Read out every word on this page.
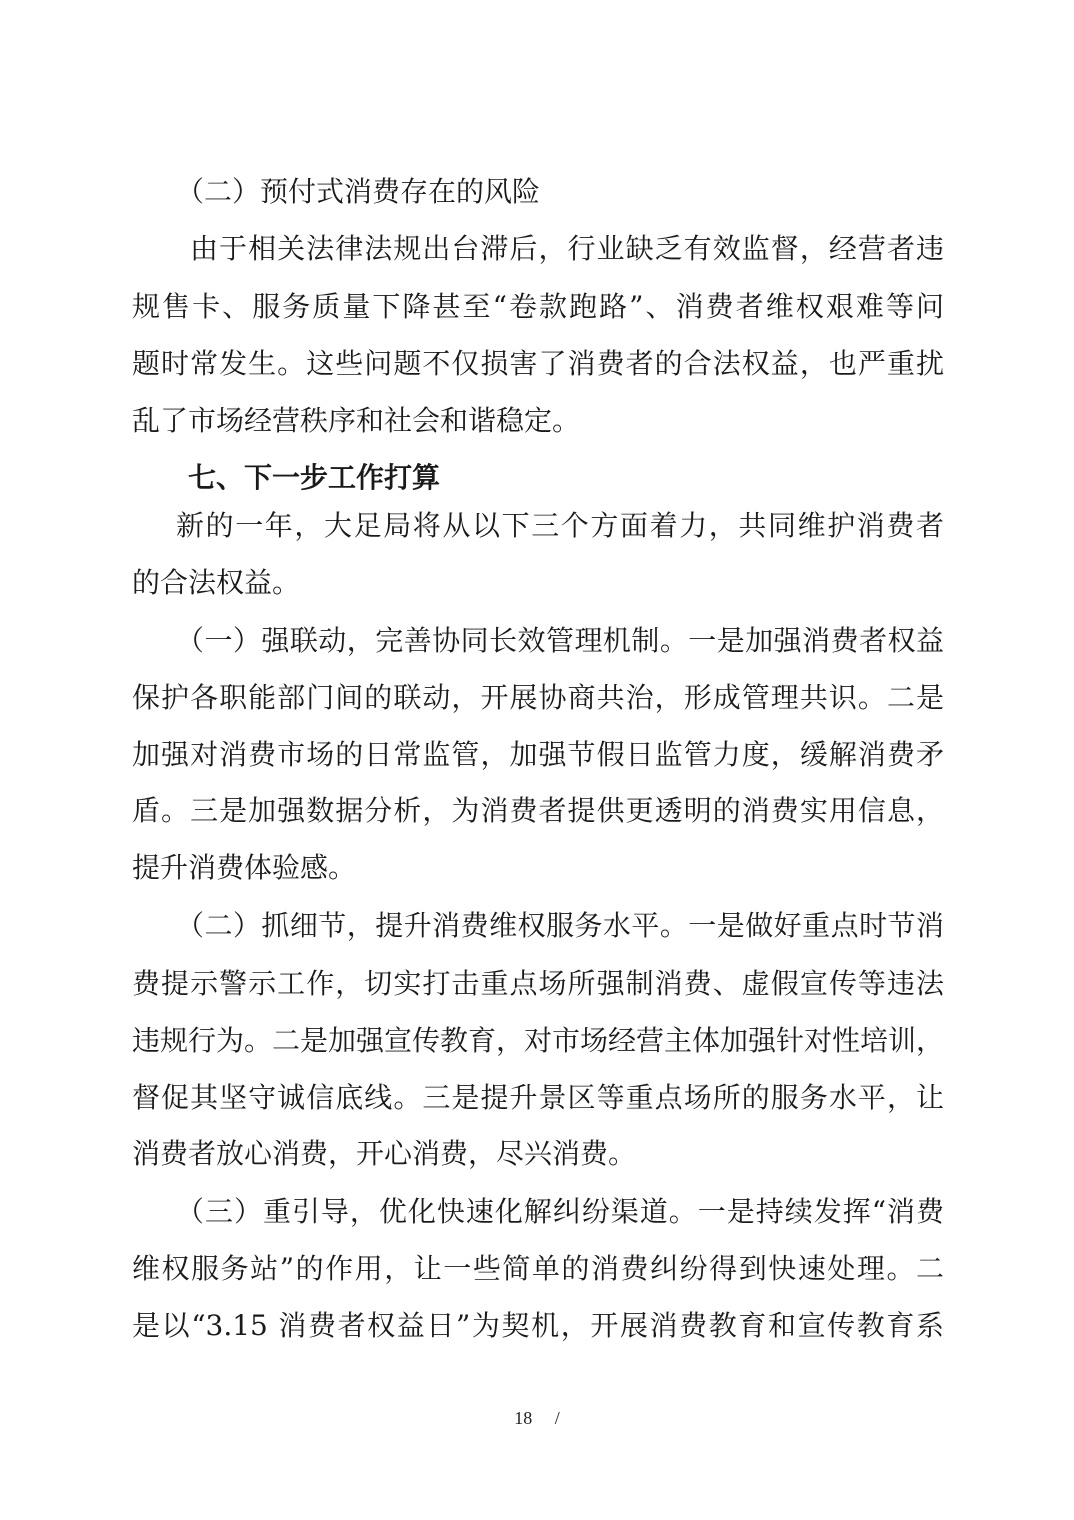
（二）预付式消费存在的风险
由于相关法律法规出台滞后，行业缺乏有效监督，经营者违
规售卡、服务质量下降甚至“卷款跑路”、消费者维权艰难等问
题时常发生。这些问题不仅损害了消费者的合法权益，也严重扰
乱了市场经营秩序和社会和谐稳定。
七、下一步工作打算
新的一年，大足局将从以下三个方面着力，共同维护消费者
的合法权益。
（一）强联动，完善协同长效管理机制。一是加强消费者权益
保护各职能部门间的联动，开展协商共治，形成管理共识。二是
加强对消费市场的日常监管，加强节假日监管力度，缓解消费矛
盾。三是加强数据分析，为消费者提供更透明的消费实用信息，
提升消费体验感。
（二）抓细节，提升消费维权服务水平。一是做好重点时节消
费提示警示工作，切实打击重点场所强制消费、虚假宣传等违法
违规行为。二是加强宣传教育，对市场经营主体加强针对性培训，
督促其坚守诚信底线。三是提升景区等重点场所的服务水平，让
消费者放心消费，开心消费，尽兴消费。
（三）重引导，优化快速化解纠纷渠道。一是持续发挥“消费
维权服务站”的作用，让一些简单的消费纠纷得到快速处理。二
是以“3.15 消费者权益日”为契机，开展消费教育和宣传教育系
18 /
